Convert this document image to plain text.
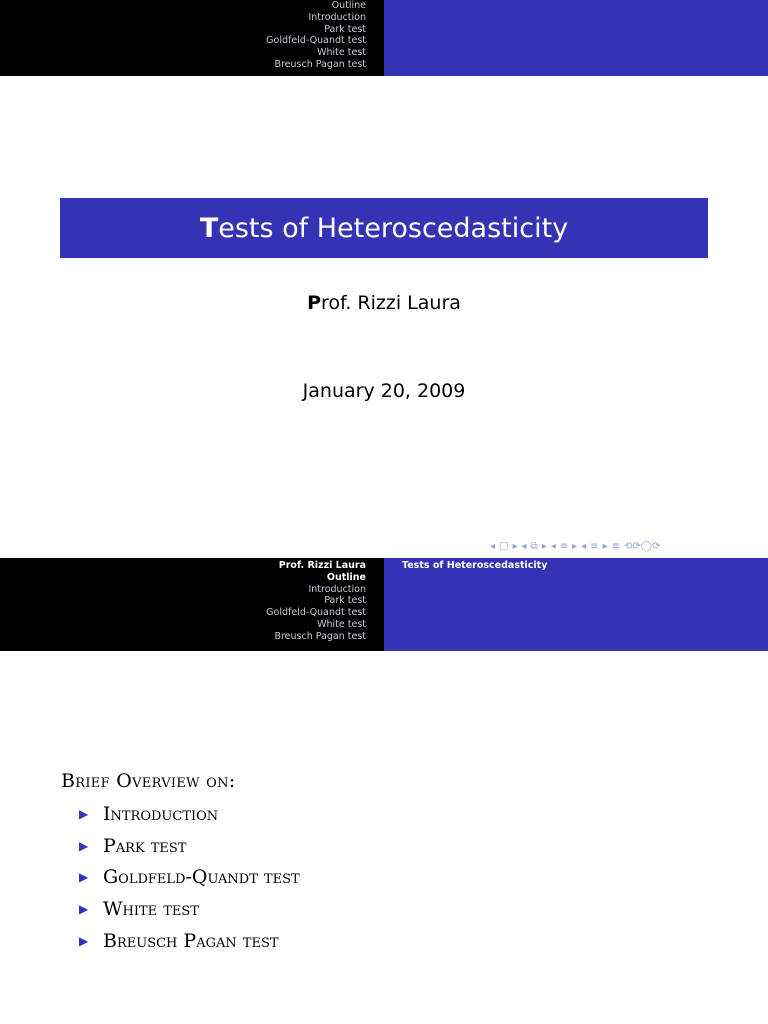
Outline
Introduction
Park test
Goldfeld-Quandt test
White test
Breusch Pagan test
T ests of Heteroscedasticity
Prof. Rizzi Laura
January 20, 2009
◂ □ ▸ ◂ ⧉ ▸ ◂ ≡ ▸ ◂ ≡ ▸ ≡ ⟲⟳◯⟳
Prof. Rizzi Laura
Outline
Introduction
Park test
Goldfeld-Quandt test
White test
Breusch Pagan test
Tests of Heteroscedasticity
Brief Overview on:
▶ Introduction
▶ Park test
▶ Goldfeld-Quandt test
▶ White test
▶ Breusch Pagan test
